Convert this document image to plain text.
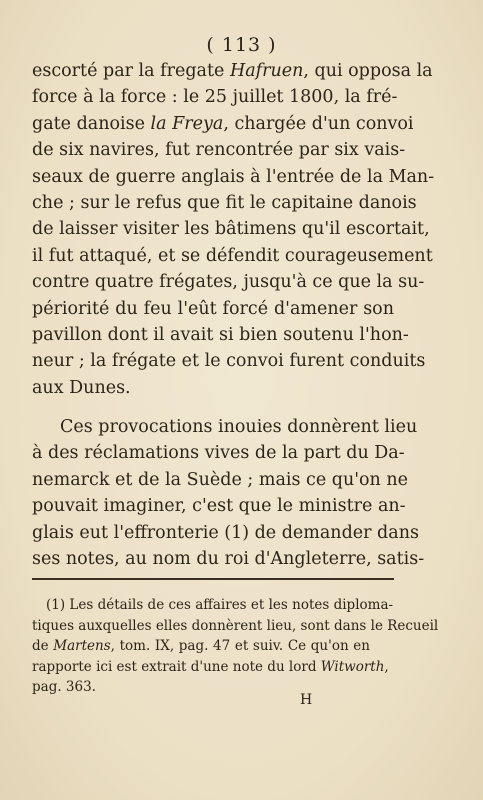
( 113 )
escorté par la fregate Hafruen, qui opposa la
force à la force : le 25 juillet 1800, la fré-
gate danoise la Freya, chargée d'un convoi
de six navires, fut rencontrée par six vais-
seaux de guerre anglais à l'entrée de la Man-
che ; sur le refus que fit le capitaine danois
de laisser visiter les bâtimens qu'il escortait,
il fut attaqué, et se défendit courageusement
contre quatre frégates, jusqu'à ce que la su-
périorité du feu l'eût forcé d'amener son
pavillon dont il avait si bien soutenu l'hon-
neur ; la frégate et le convoi furent conduits
aux Dunes.
Ces provocations inouies donnèrent lieu
à des réclamations vives de la part du Da-
nemarck et de la Suède ; mais ce qu'on ne
pouvait imaginer, c'est que le ministre an-
glais eut l'effronterie (1) de demander dans
ses notes, au nom du roi d'Angleterre, satis-
(1) Les détails de ces affaires et les notes diploma-
tiques auxquelles elles donnèrent lieu, sont dans le Recueil
de Martens, tom. IX, pag. 47 et suiv. Ce qu'on en
rapporte ici est extrait d'une note du lord Witworth,
pag. 363.
H
